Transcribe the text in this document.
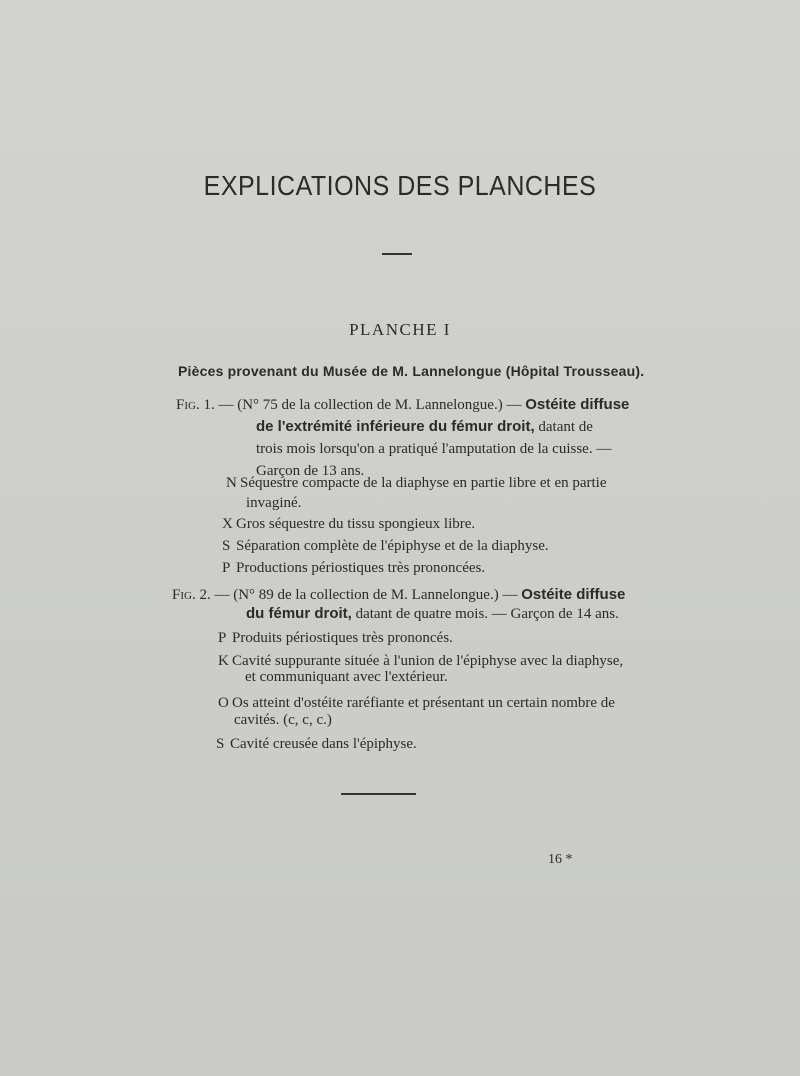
EXPLICATIONS DES PLANCHES
PLANCHE I
Pièces provenant du Musée de M. Lannelongue (Hôpital Trousseau).
Fig. 1. — (N° 75 de la collection de M. Lannelongue.) — Ostéite diffuse
de l'extrémité inférieure du fémur droit, datant de
trois mois lorsqu'on a pratiqué l'amputation de la cuisse. —
Garçon de 13 ans.
N Séquestre compacte de la diaphyse en partie libre et en partie
invaginé.
X Gros séquestre du tissu spongieux libre.
S Séparation complète de l'épiphyse et de la diaphyse.
P Productions périostiques très prononcées.
Fig. 2. — (N° 89 de la collection de M. Lannelongue.) — Ostéite diffuse
du fémur droit, datant de quatre mois. — Garçon de 14 ans.
P Produits périostiques très prononcés.
K Cavité suppurante située à l'union de l'épiphyse avec la diaphyse,
et communiquant avec l'extérieur.
O Os atteint d'ostéite raréfiante et présentant un certain nombre de
cavités. (c, c, c.)
S Cavité creusée dans l'épiphyse.
16 *
